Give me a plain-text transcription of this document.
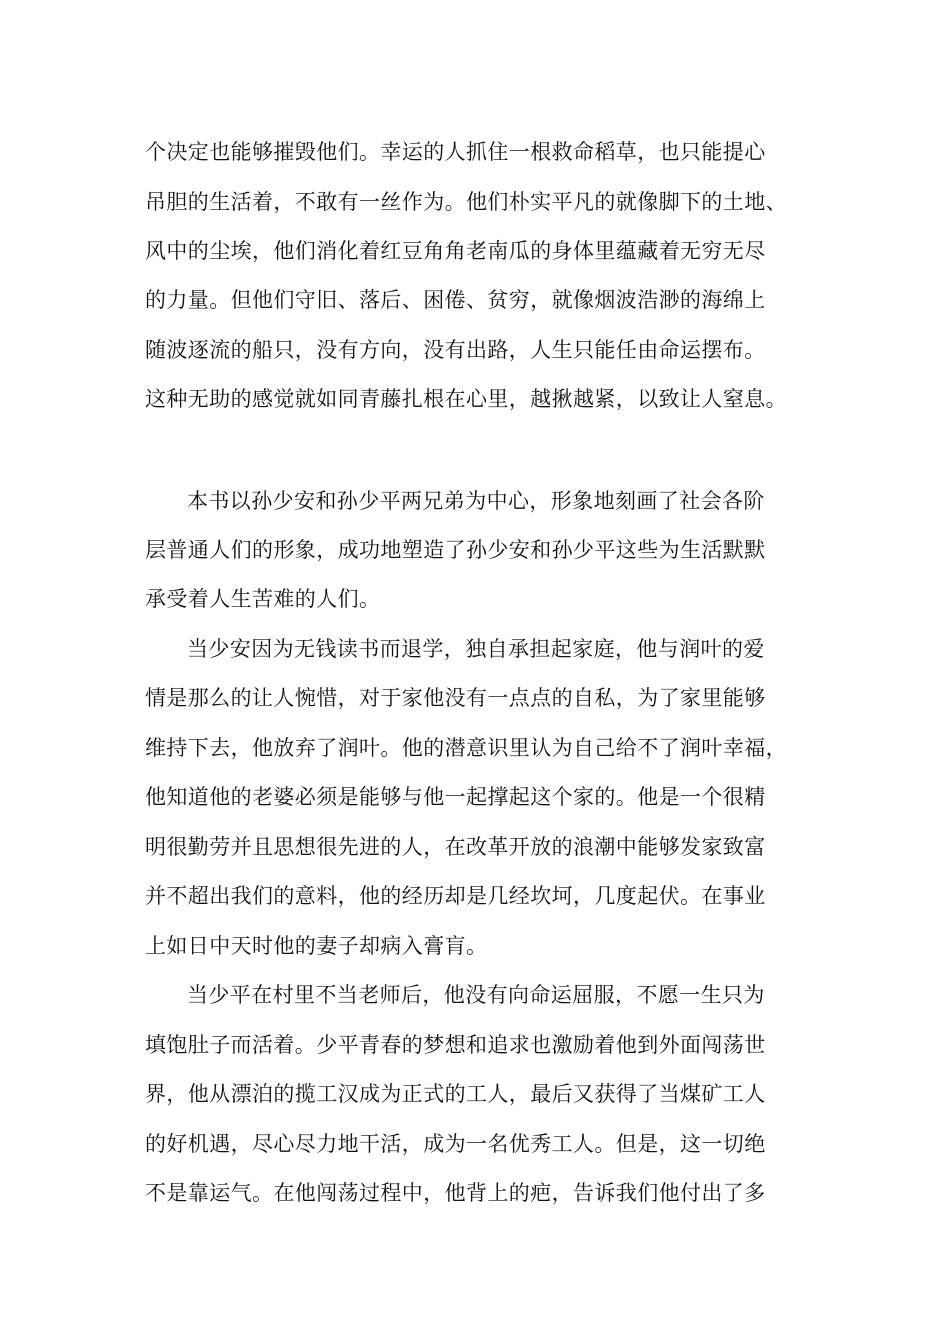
个决定也能够摧毁他们。幸运的人抓住一根救命稻草，也只能提心
吊胆的生活着，不敢有一丝作为。他们朴实平凡的就像脚下的土地、
风中的尘埃，他们消化着红豆角角老南瓜的身体里蕴藏着无穷无尽
的力量。但他们守旧、落后、困倦、贫穷，就像烟波浩渺的海绵上
随波逐流的船只，没有方向，没有出路，人生只能任由命运摆布。
这种无助的感觉就如同青藤扎根在心里，越揪越紧，以致让人窒息。
本书以孙少安和孙少平两兄弟为中心，形象地刻画了社会各阶
层普通人们的形象，成功地塑造了孙少安和孙少平这些为生活默默
承受着人生苦难的人们。
当少安因为无钱读书而退学，独自承担起家庭，他与润叶的爱
情是那么的让人惋惜，对于家他没有一点点的自私，为了家里能够
维持下去，他放弃了润叶。他的潜意识里认为自己给不了润叶幸福，
他知道他的老婆必须是能够与他一起撑起这个家的。他是一个很精
明很勤劳并且思想很先进的人，在改革开放的浪潮中能够发家致富
并不超出我们的意料，他的经历却是几经坎坷，几度起伏。在事业
上如日中天时他的妻子却病入膏肓。
当少平在村里不当老师后，他没有向命运屈服，不愿一生只为
填饱肚子而活着。少平青春的梦想和追求也激励着他到外面闯荡世
界，他从漂泊的揽工汉成为正式的工人，最后又获得了当煤矿工人
的好机遇，尽心尽力地干活，成为一名优秀工人。但是，这一切绝
不是靠运气。在他闯荡过程中，他背上的疤，告诉我们他付出了多
